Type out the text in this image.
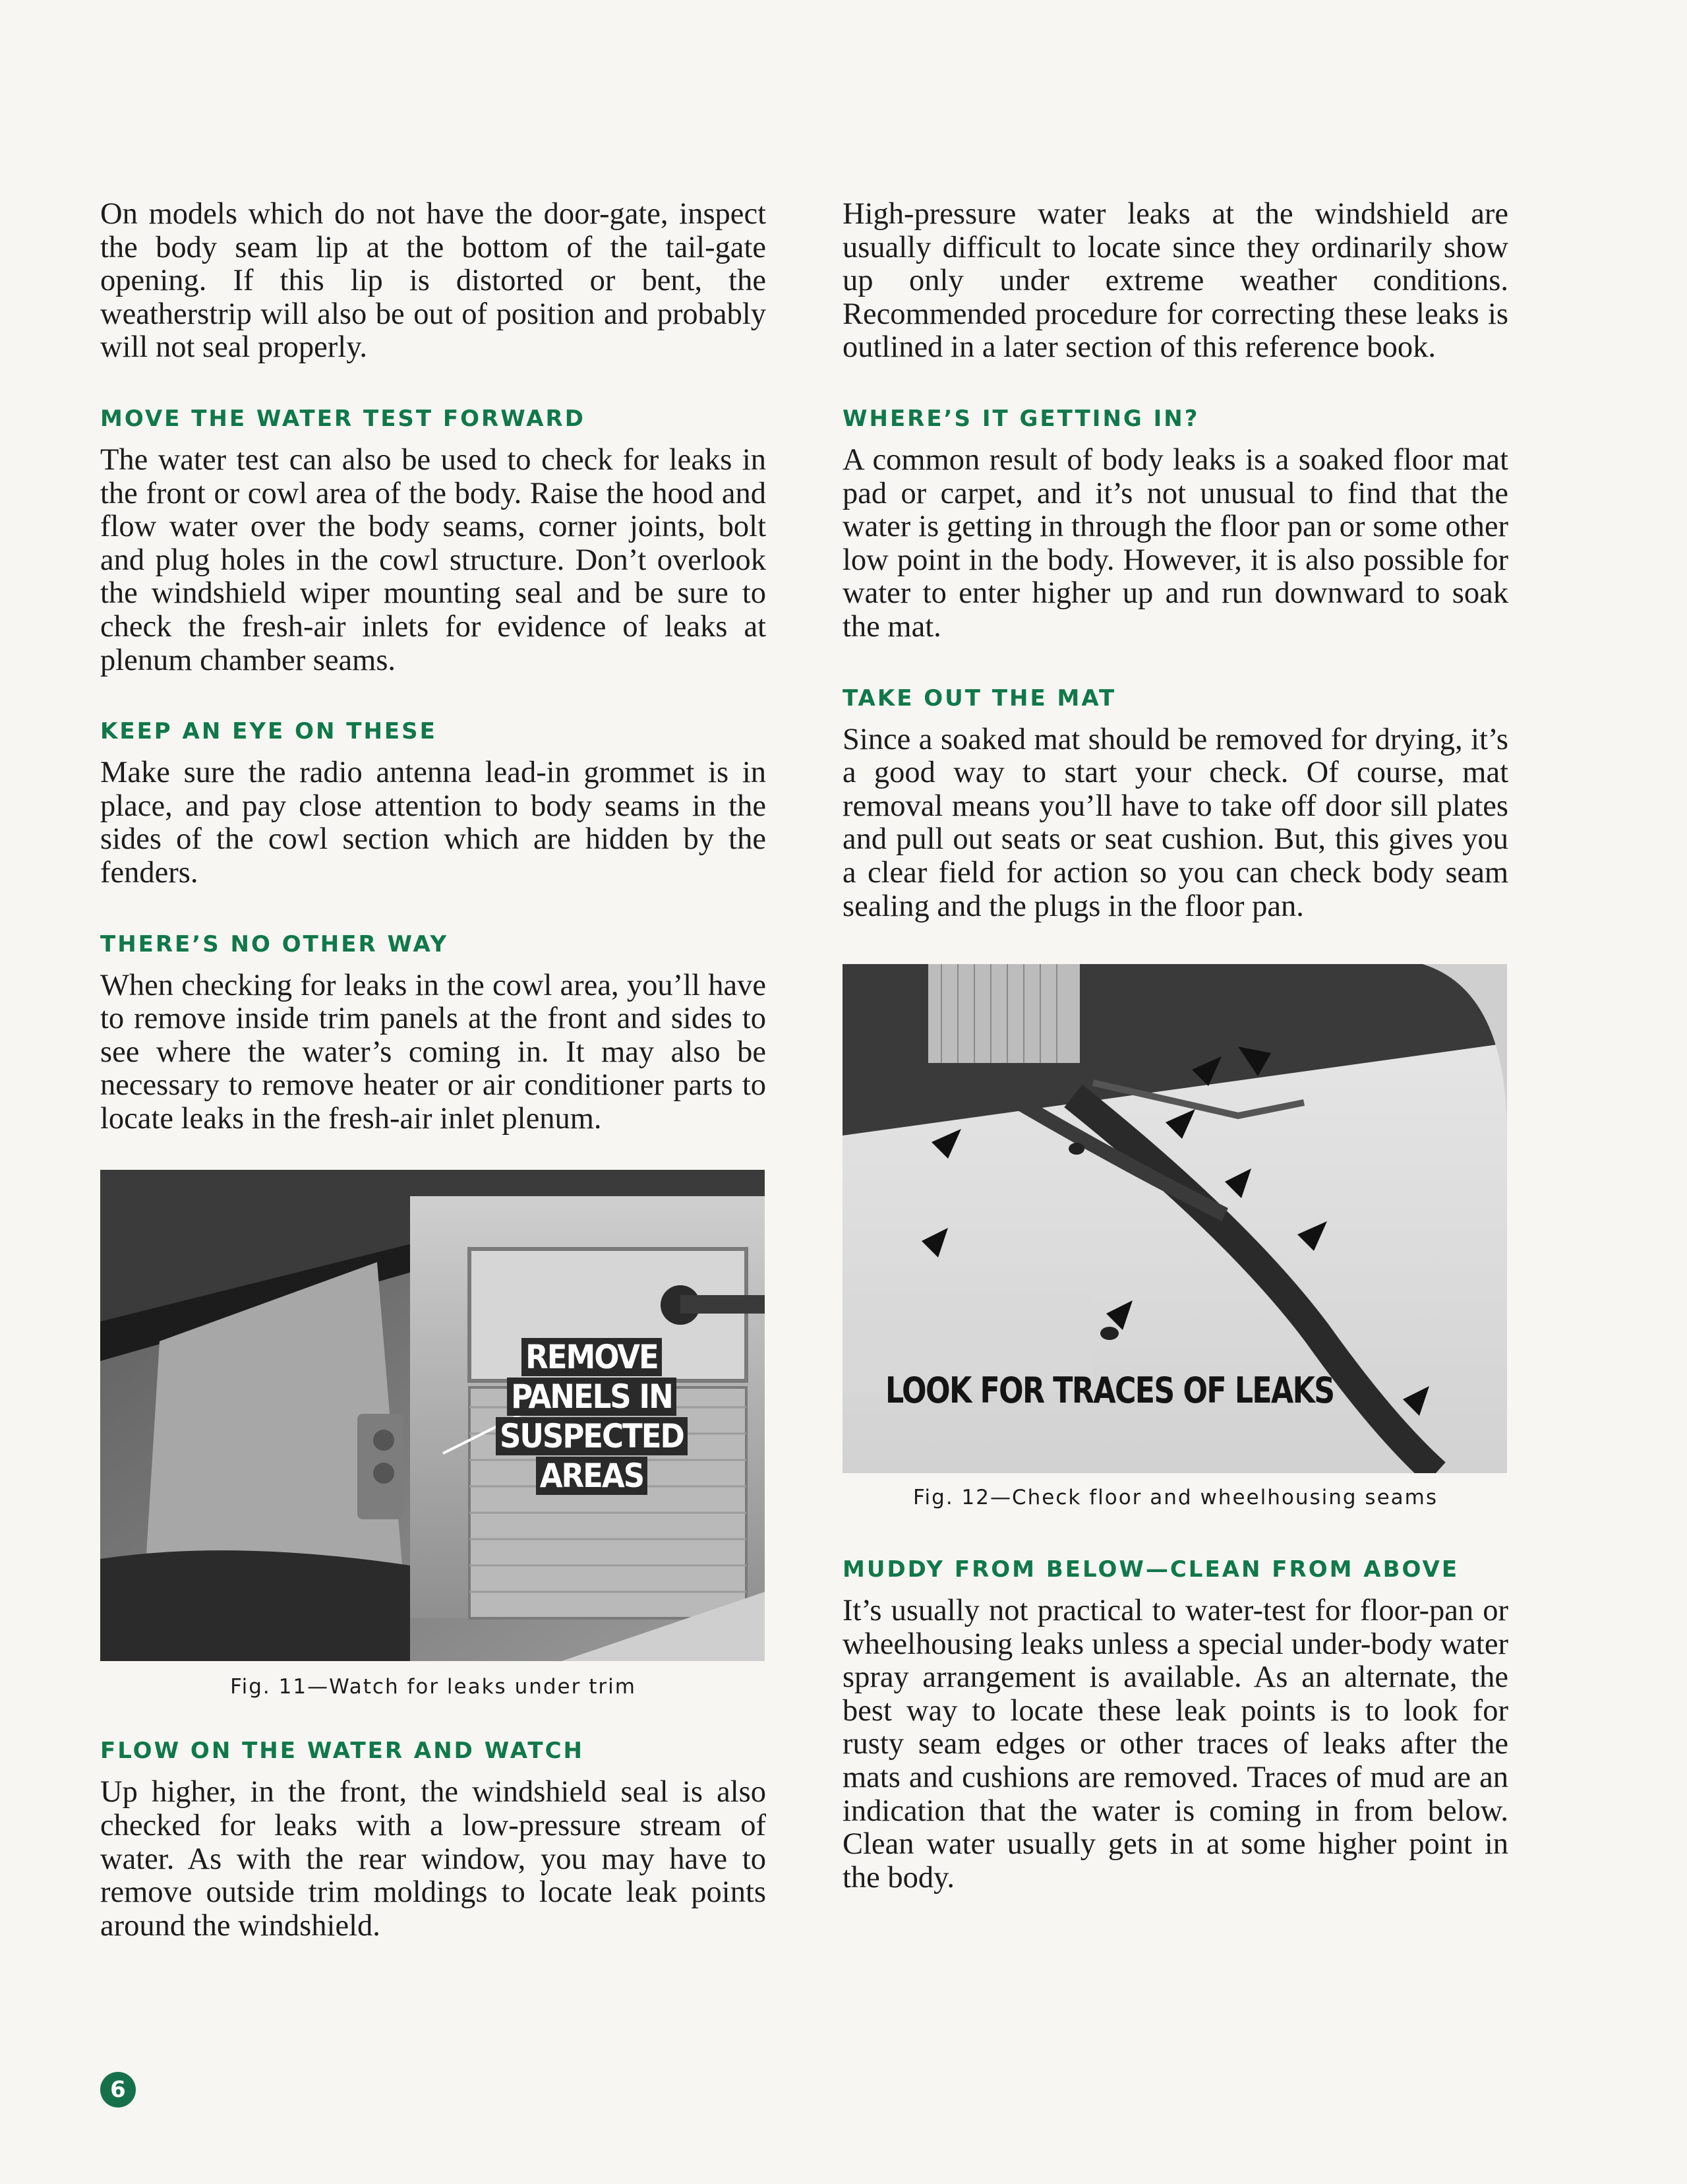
On models which do not have the door-gate, inspect the body seam lip at the bottom of the tail-gate opening. If this lip is distorted or bent, the weatherstrip will also be out of position and probably will not seal properly.

MOVE THE WATER TEST FORWARD

The water test can also be used to check for leaks in the front or cowl area of the body. Raise the hood and flow water over the body seams, corner joints, bolt and plug holes in the cowl structure. Don’t overlook the windshield wiper mounting seal and be sure to check the fresh-air inlets for evidence of leaks at plenum chamber seams.

KEEP AN EYE ON THESE

Make sure the radio antenna lead-in grommet is in place, and pay close attention to body seams in the sides of the cowl section which are hidden by the fenders.

THERE’S NO OTHER WAY

When checking for leaks in the cowl area, you’ll have to remove inside trim panels at the front and sides to see where the water’s coming in. It may also be necessary to remove heater or air conditioner parts to locate leaks in the fresh-air inlet plenum.

REMOVE
PANELS IN
SUSPECTED
AREAS

Fig. 11—Watch for leaks under trim

FLOW ON THE WATER AND WATCH

Up higher, in the front, the windshield seal is also checked for leaks with a low-pressure stream of water. As with the rear window, you may have to remove outside trim moldings to locate leak points around the windshield.

High-pressure water leaks at the windshield are usually difficult to locate since they ordinarily show up only under extreme weather conditions. Recommended procedure for correcting these leaks is outlined in a later section of this reference book.

WHERE’S IT GETTING IN?

A common result of body leaks is a soaked floor mat pad or carpet, and it’s not unusual to find that the water is getting in through the floor pan or some other low point in the body. However, it is also possible for water to enter higher up and run downward to soak the mat.

TAKE OUT THE MAT

Since a soaked mat should be removed for drying, it’s a good way to start your check. Of course, mat removal means you’ll have to take off door sill plates and pull out seats or seat cushion. But, this gives you a clear field for action so you can check body seam sealing and the plugs in the floor pan.

LOOK FOR TRACES OF LEAKS

Fig. 12—Check floor and wheelhousing seams

MUDDY FROM BELOW—CLEAN FROM ABOVE

It’s usually not practical to water-test for floor-pan or wheelhousing leaks unless a special under-body water spray arrangement is available. As an alternate, the best way to locate these leak points is to look for rusty seam edges or other traces of leaks after the mats and cushions are removed. Traces of mud are an indication that the water is coming in from below. Clean water usually gets in at some higher point in the body.

6
